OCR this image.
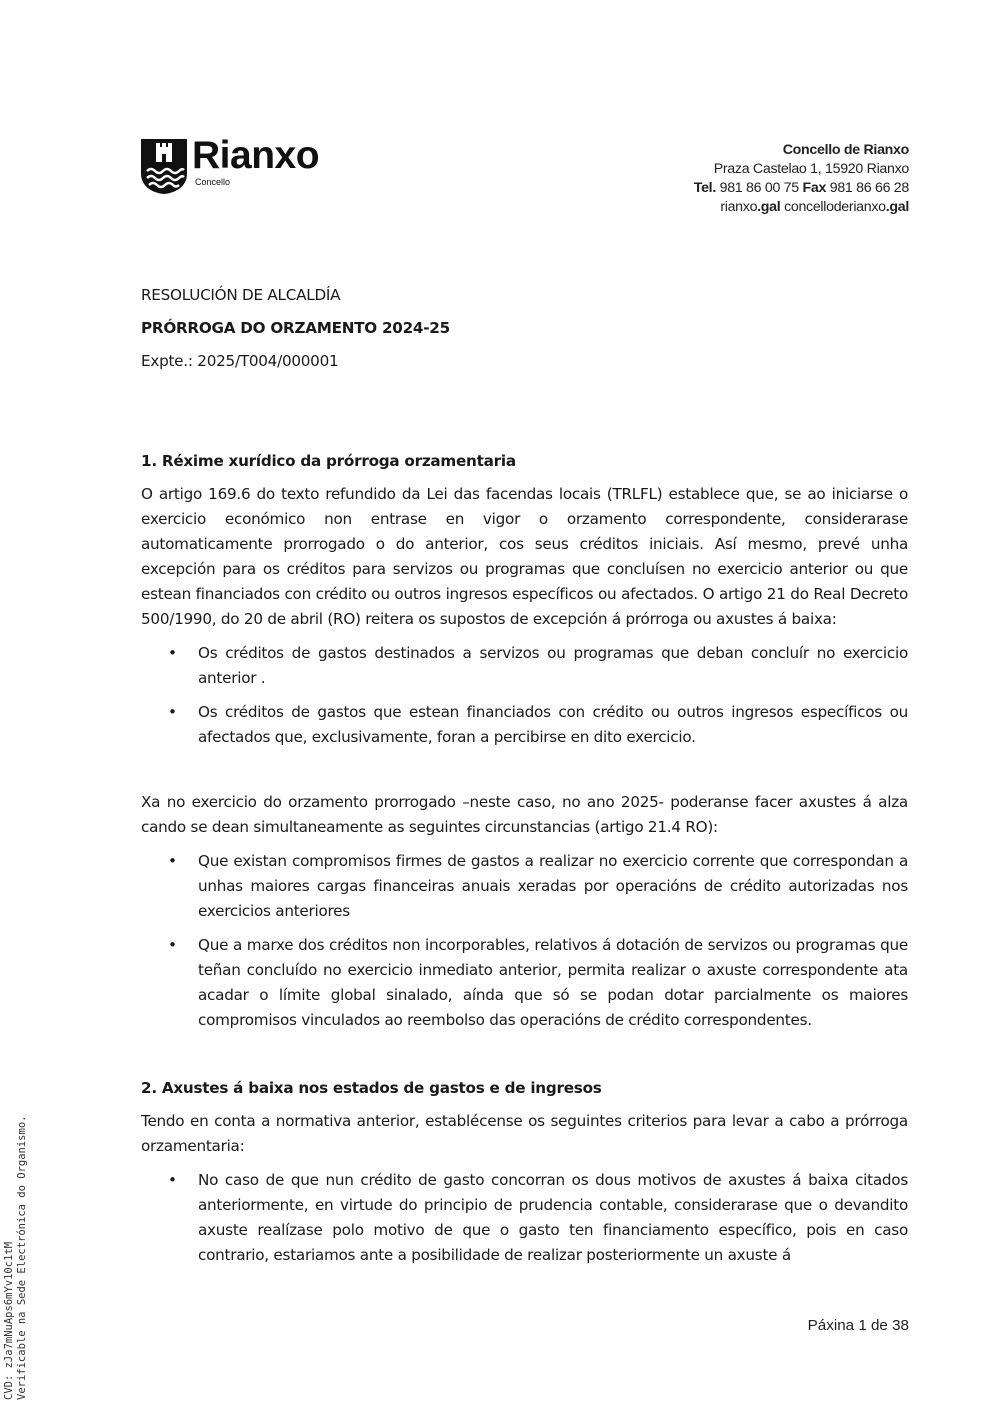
Rianxo
Concello
Concello de Rianxo
Praza Castelao 1, 15920 Rianxo
Tel. 981 86 00 75 Fax 981 86 66 28
rianxo.gal concelloderianxo.gal

RESOLUCIÓN DE ALCALDÍA

PRÓRROGA DO ORZAMENTO 2024-25

Expte.: 2025/T004/000001

1. Réxime xurídico da prórroga orzamentaria

O artigo 169.6 do texto refundido da Lei das facendas locais (TRLFL) establece que, se ao iniciarse o exercicio económico non entrase en vigor o orzamento correspondente, considerarase automaticamente prorrogado o do anterior, cos seus créditos iniciais. Así mesmo, prevé unha excepción para os créditos para servizos ou programas que concluísen no exercicio anterior ou que estean financiados con crédito ou outros ingresos específicos ou afectados. O artigo 21 do Real Decreto 500/1990, do 20 de abril (RO) reitera os supostos de excepción á prórroga ou axustes á baixa:

• Os créditos de gastos destinados a servizos ou programas que deban concluír no exercicio anterior .
• Os créditos de gastos que estean financiados con crédito ou outros ingresos específicos ou afectados que, exclusivamente, foran a percibirse en dito exercicio.

Xa no exercicio do orzamento prorrogado –neste caso, no ano 2025- poderanse facer axustes á alza cando se dean simultaneamente as seguintes circunstancias (artigo 21.4 RO):

• Que existan compromisos firmes de gastos a realizar no exercicio corrente que correspondan a unhas maiores cargas financeiras anuais xeradas por operacións de crédito autorizadas nos exercicios anteriores
• Que a marxe dos créditos non incorporables, relativos á dotación de servizos ou programas que teñan concluído no exercicio inmediato anterior, permita realizar o axuste correspondente ata acadar o límite global sinalado, aínda que só se podan dotar parcialmente os maiores compromisos vinculados ao reembolso das operacións de crédito correspondentes.
2. Axustes á baixa nos estados de gastos e de ingresos

Tendo en conta a normativa anterior, establécense os seguintes criterios para levar a cabo a prórroga orzamentaria:

• No caso de que nun crédito de gasto concorran os dous motivos de axustes á baixa citados anteriormente, en virtude do principio de prudencia contable, considerarase que o devandito axuste realízase polo motivo de que o gasto ten financiamento específico, pois en caso contrario, estariamos ante a posibilidade de realizar posteriormente un axuste á
Páxina 1 de 38
CVD: zJa7mNuAps6mYv10c1tM Verificable na Sede Electrónica do Organismo.
